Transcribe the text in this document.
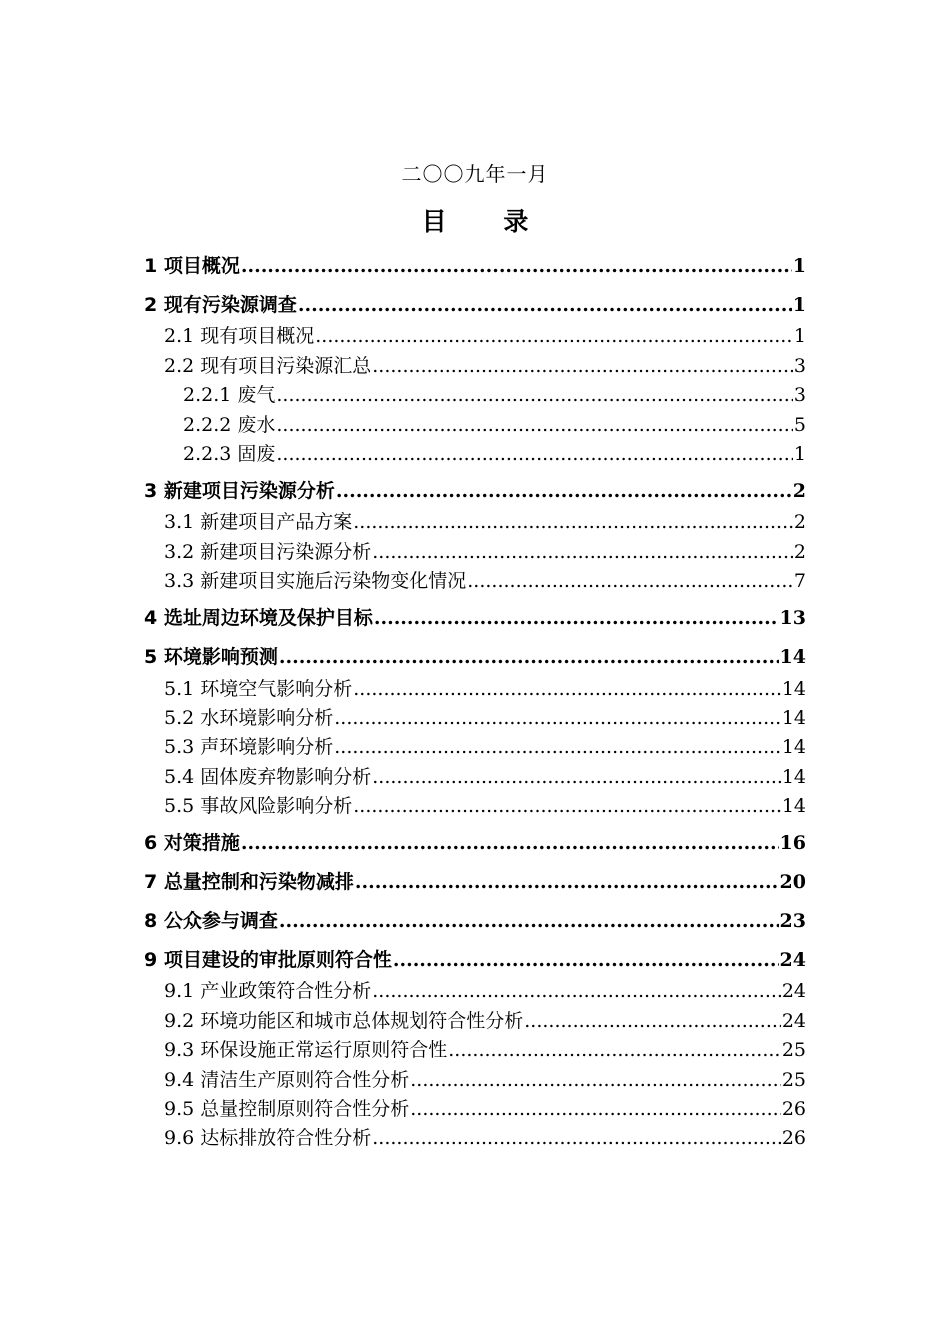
二〇〇九年一月
目 录
1 项目概况 .....	1
2 现有污染源调查 .....	1
2.1 现有项目概况 .....	1
2.2 现有项目污染源汇总 .....	3
2.2.1 废气 .....	3
2.2.2 废水 .....	5
2.2.3 固废 .....	1
3 新建项目污染源分析 .....	2
3.1 新建项目产品方案 .....	2
3.2 新建项目污染源分析 .....	2
3.3 新建项目实施后污染物变化情况 .....	7
4 选址周边环境及保护目标 .....	13
5 环境影响预测 .....	14
5.1 环境空气影响分析 .....	14
5.2 水环境影响分析 .....	14
5.3 声环境影响分析 .....	14
5.4 固体废弃物影响分析 .....	14
5.5 事故风险影响分析 .....	14
6 对策措施 .....	16
7 总量控制和污染物减排 .....	20
8 公众参与调查 .....	23
9 项目建设的审批原则符合性 .....	24
9.1 产业政策符合性分析 .....	24
9.2 环境功能区和城市总体规划符合性分析 .....	24
9.3 环保设施正常运行原则符合性 .....	25
9.4 清洁生产原则符合性分析 .....	25
9.5 总量控制原则符合性分析 .....	26
9.6 达标排放符合性分析 .....	26
